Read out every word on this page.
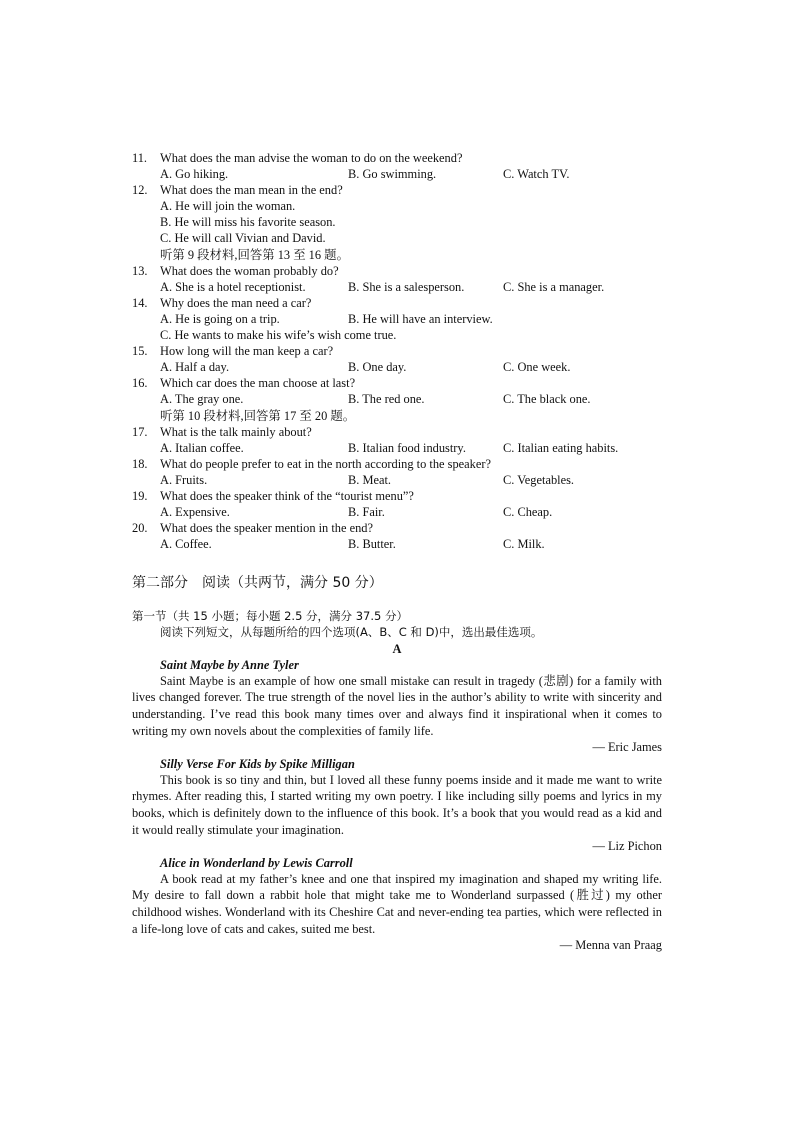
11. What does the man advise the woman to do on the weekend?
A. Go hiking.	B. Go swimming.	C. Watch TV.
12. What does the man mean in the end?
A. He will join the woman.
B. He will miss his favorite season.
C. He will call Vivian and David.
听第 9 段材料,回答第 13 至 16 题。
13. What does the woman probably do?
A. She is a hotel receptionist.	B. She is a salesperson.	C. She is a manager.
14. Why does the man need a car?
A. He is going on a trip.	B. He will have an interview.
C. He wants to make his wife’s wish come true.
15. How long will the man keep a car?
A. Half a day.	B. One day.	C. One week.
16. Which car does the man choose at last?
A. The gray one.	B. The red one.	C. The black one.
听第 10 段材料,回答第 17 至 20 题。
17. What is the talk mainly about?
A. Italian coffee.	B. Italian food industry.	C. Italian eating habits.
18. What do people prefer to eat in the north according to the speaker?
A. Fruits.	B. Meat.	C. Vegetables.
19. What does the speaker think of the “tourist menu”?
A. Expensive.	B. Fair.	C. Cheap.
20. What does the speaker mention in the end?
A. Coffee.	B. Butter.	C. Milk.
第二部分　阅读（共两节，满分 50 分）
第一节（共 15 小题；每小题 2.5 分，满分 37.5 分）
阅读下列短文，从每题所给的四个选项(A、B、C 和 D)中，选出最佳选项。
A
Saint Maybe by Anne Tyler

Saint Maybe is an example of how one small mistake can result in tragedy (悲剧) for a family with lives changed forever. The true strength of the novel lies in the author’s ability to write with sincerity and understanding. I’ve read this book many times over and always find it inspirational when it comes to writing my own novels about the complexities of family life.

— Eric James
Silly Verse For Kids by Spike Milligan

This book is so tiny and thin, but I loved all these funny poems inside and it made me want to write rhymes. After reading this, I started writing my own poetry. I like including silly poems and lyrics in my books, which is definitely down to the influence of this book. It’s a book that you would read as a kid and it would really stimulate your imagination.

— Liz Pichon
Alice in Wonderland by Lewis Carroll

A book read at my father’s knee and one that inspired my imagination and shaped my writing life. My desire to fall down a rabbit hole that might take me to Wonderland surpassed (胜过) my other childhood wishes. Wonderland with its Cheshire Cat and never-ending tea parties, which were reflected in a life-long love of cats and cakes, suited me best.

— Menna van Praag
